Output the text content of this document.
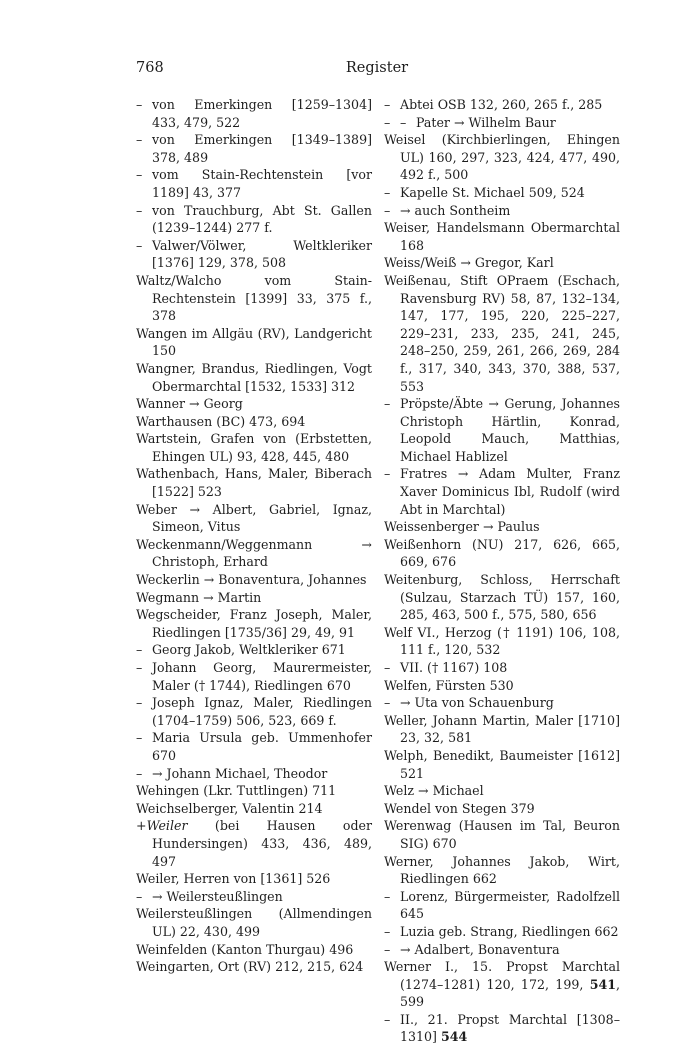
768	Register
– von Emerkingen [1259–1304] 433, 479, 522
– von Emerkingen [1349–1389] 378, 489
– vom Stain-Rechtenstein [vor 1189] 43, 377
– von Trauchburg, Abt St. Gallen (1239–1244) 277 f.
– Valwer/Völwer, Weltkleriker [1376] 129, 378, 508
Waltz/Walcho vom Stain-Rechtenstein [1399] 33, 375 f., 378
Wangen im Allgäu (RV), Landgericht 150
Wangner, Brandus, Riedlingen, Vogt Obermarchtal [1532, 1533] 312
Wanner → Georg
Warthausen (BC) 473, 694
Wartstein, Grafen von (Erbstetten, Ehingen UL) 93, 428, 445, 480
Wathenbach, Hans, Maler, Biberach [1522] 523
Weber → Albert, Gabriel, Ignaz, Simeon, Vitus
Weckenmann/Weggenmann → Christoph, Erhard
Weckerlin → Bonaventura, Johannes
Wegmann → Martin
Wegscheider, Franz Joseph, Maler, Riedlingen [1735/36] 29, 49, 91
– Georg Jakob, Weltkleriker 671
– Johann Georg, Maurermeister, Maler († 1744), Riedlingen 670
– Joseph Ignaz, Maler, Riedlingen (1704–1759) 506, 523, 669 f.
– Maria Ursula geb. Ummenhofer 670
– → Johann Michael, Theodor
Wehingen (Lkr. Tuttlingen) 711
Weichselberger, Valentin 214
+Weiler (bei Hausen oder Hundersingen) 433, 436, 489, 497
Weiler, Herren von [1361] 526
– → Weilersteußlingen
Weilersteußlingen (Allmendingen UL) 22, 430, 499
Weinfelden (Kanton Thurgau) 496
Weingarten, Ort (RV) 212, 215, 624
– Abtei OSB 132, 260, 265 f., 285
– – Pater → Wilhelm Baur
Weisel (Kirchbierlingen, Ehingen UL) 160, 297, 323, 424, 477, 490, 492 f., 500
– Kapelle St. Michael 509, 524
– → auch Sontheim
Weiser, Handelsmann Obermarchtal 168
Weiss/Weiß → Gregor, Karl
Weißenau, Stift OPraem (Eschach, Ravensburg RV) 58, 87, 132–134, 147, 177, 195, 220, 225–227, 229–231, 233, 235, 241, 245, 248–250, 259, 261, 266, 269, 284 f., 317, 340, 343, 370, 388, 537, 553
– Pröpste/Äbte → Gerung, Johannes Christoph Härtlin, Konrad, Leopold Mauch, Matthias, Michael Hablizel
– Fratres → Adam Multer, Franz Xaver Dominicus Ibl, Rudolf (wird Abt in Marchtal)
Weissenberger → Paulus
Weißenhorn (NU) 217, 626, 665, 669, 676
Weitenburg, Schloss, Herrschaft (Sulzau, Starzach TÜ) 157, 160, 285, 463, 500 f., 575, 580, 656
Welf VI., Herzog († 1191) 106, 108, 111 f., 120, 532
– VII. († 1167) 108
Welfen, Fürsten 530
– → Uta von Schauenburg
Weller, Johann Martin, Maler [1710] 23, 32, 581
Welph, Benedikt, Baumeister [1612] 521
Welz → Michael
Wendel von Stegen 379
Werenwag (Hausen im Tal, Beuron SIG) 670
Werner, Johannes Jakob, Wirt, Riedlingen 662
– Lorenz, Bürgermeister, Radolfzell 645
– Luzia geb. Strang, Riedlingen 662
– → Adalbert, Bonaventura
Werner I., 15. Propst Marchtal (1274–1281) 120, 172, 199, 541, 599
– II., 21. Propst Marchtal [1308–1310] 544
